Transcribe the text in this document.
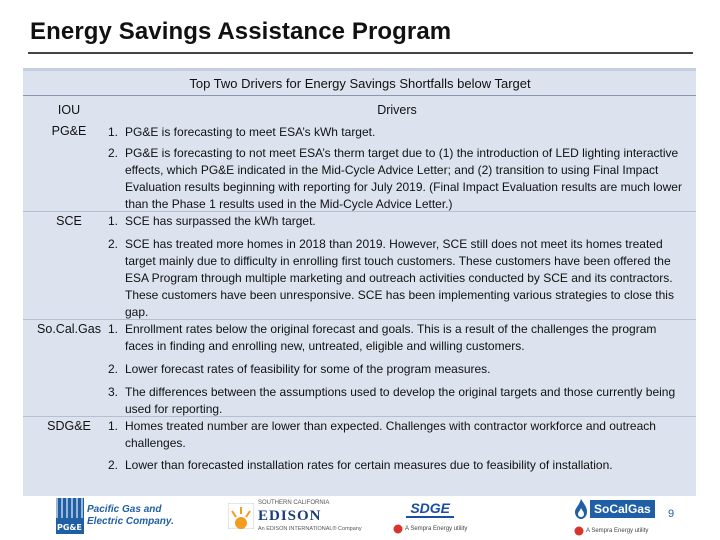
Energy Savings Assistance Program
Top Two Drivers for Energy Savings Shortfalls below Target
IOU	Drivers
PG&E	1. PG&E is forecasting to meet ESA’s kWh target.
2. PG&E is forecasting to not meet ESA’s therm target due to (1) the introduction of LED lighting interactive effects, which PG&E indicated in the Mid-Cycle Advice Letter; and (2) transition to using Final Impact Evaluation results beginning with reporting for July 2019. (Final Impact Evaluation results are much lower than the Phase 1 results used in the Mid-Cycle Advice Letter.)
SCE	1. SCE has surpassed the kWh target.
2. SCE has treated more homes in 2018 than 2019. However, SCE still does not meet its homes treated target mainly due to difficulty in enrolling first touch customers. These customers have been offered the ESA Program through multiple marketing and outreach activities conducted by SCE and its contractors. These customers have been unresponsive. SCE has been implementing various strategies to close this gap.
So.Cal.Gas 1. Enrollment rates below the original forecast and goals. This is a result of the challenges the program faces in finding and enrolling new, untreated, eligible and willing customers.
2. Lower forecast rates of feasibility for some of the program measures.
3. The differences between the assumptions used to develop the original targets and those currently being used for reporting.
SDG&E	1. Homes treated number are lower than expected. Challenges with contractor workforce and outreach challenges.
2. Lower than forecasted installation rates for certain measures due to feasibility of installation.
PG&E
Pacific Gas and
Electric Company.
SOUTHERN CALIFORNIA
EDISON
An EDISON INTERNATIONAL® Company
SDGE
A Sempra Energy utility
SoCalGas
A Sempra Energy utility
9
